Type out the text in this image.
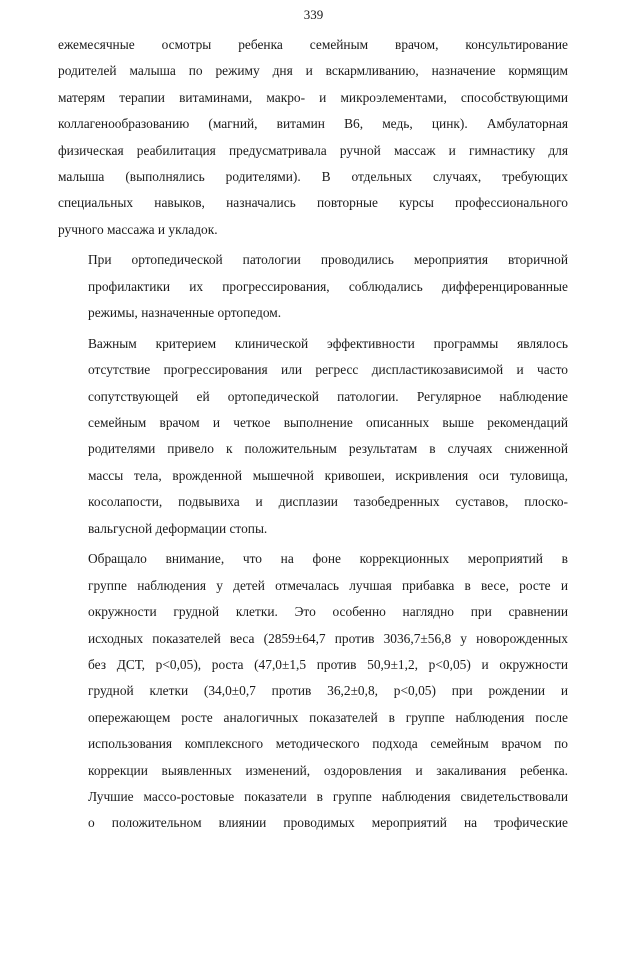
339

ежемесячные осмотры ребенка семейным врачом, консультирование
родителей малыша по режиму дня и вскармливанию, назначение кормящим
матерям терапии витаминами, макро- и микроэлементами, способствующими
коллагенообразованию (магний, витамин В6, медь, цинк). Амбулаторная
физическая реабилитация предусматривала ручной массаж и гимнастику для
малыша (выполнялись родителями). В отдельных случаях, требующих
специальных навыков, назначались повторные курсы профессионального
ручного массажа и укладок.

При ортопедической патологии проводились мероприятия вторичной
профилактики их прогрессирования, соблюдались дифференцированные
режимы, назначенные ортопедом.

Важным критерием клинической эффективности программы являлось
отсутствие прогрессирования или регресс диспластикозависимой и часто
сопутствующей ей ортопедической патологии. Регулярное наблюдение
семейным врачом и четкое выполнение описанных выше рекомендаций
родителями привело к положительным результатам в случаях сниженной
массы тела, врожденной мышечной кривошеи, искривления оси туловища,
косолапости, подвывиха и дисплазии тазобедренных суставов, плоско-
вальгусной деформации стопы.

Обращало внимание, что на фоне коррекционных мероприятий в
группе наблюдения у детей отмечалась лучшая прибавка в весе, росте и
окружности грудной клетки. Это особенно наглядно при сравнении
исходных показателей веса (2859±64,7 против 3036,7±56,8 у новорожденных
без ДСТ, р<0,05), роста (47,0±1,5 против 50,9±1,2, р<0,05) и окружности
грудной клетки (34,0±0,7 против 36,2±0,8, р<0,05) при рождении и
опережающем росте аналогичных показателей в группе наблюдения после
использования комплексного методического подхода семейным врачом по
коррекции выявленных изменений, оздоровления и закаливания ребенка.
Лучшие массо-ростовые показатели в группе наблюдения свидетельствовали
о положительном влиянии проводимых мероприятий на трофические
